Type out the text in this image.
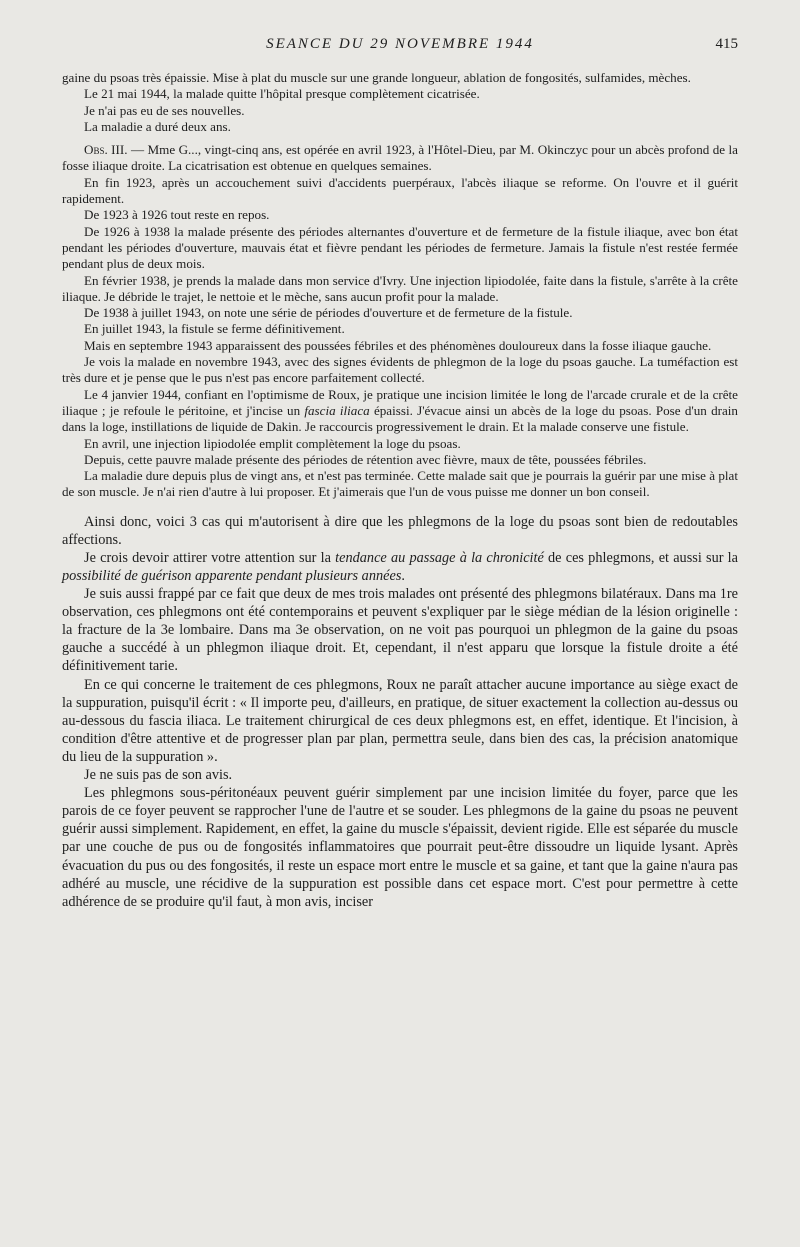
SEANCE DU 29 NOVEMBRE 1944	415

gaine du psoas très épaissie. Mise à plat du muscle sur une grande longueur, ablation de fongosités, sulfamides, mèches.

Le 21 mai 1944, la malade quitte l'hôpital presque complètement cicatrisée.

Je n'ai pas eu de ses nouvelles.

La maladie a duré deux ans.

Obs. III. — Mme G..., vingt-cinq ans, est opérée en avril 1923, à l'Hôtel-Dieu, par M. Okinczyc pour un abcès profond de la fosse iliaque droite. La cicatrisation est obtenue en quelques semaines.

En fin 1923, après un accouchement suivi d'accidents puerpéraux, l'abcès iliaque se reforme. On l'ouvre et il guérit rapidement.

De 1923 à 1926 tout reste en repos.

De 1926 à 1938 la malade présente des périodes alternantes d'ouverture et de fermeture de la fistule iliaque, avec bon état pendant les périodes d'ouverture, mauvais état et fièvre pendant les périodes de fermeture. Jamais la fistule n'est restée fermée pendant plus de deux mois.

En février 1938, je prends la malade dans mon service d'Ivry. Une injection lipiodolée, faite dans la fistule, s'arrête à la crête iliaque. Je débride le trajet, le nettoie et le mèche, sans aucun profit pour la malade.

De 1938 à juillet 1943, on note une série de périodes d'ouverture et de fermeture de la fistule.

En juillet 1943, la fistule se ferme définitivement.

Mais en septembre 1943 apparaissent des poussées fébriles et des phénomènes douloureux dans la fosse iliaque gauche.

Je vois la malade en novembre 1943, avec des signes évidents de phlegmon de la loge du psoas gauche. La tuméfaction est très dure et je pense que le pus n'est pas encore parfaitement collecté.

Le 4 janvier 1944, confiant en l'optimisme de Roux, je pratique une incision limitée le long de l'arcade crurale et de la crête iliaque ; je refoule le péritoine, et j'incise un fascia iliaca épaissi. J'évacue ainsi un abcès de la loge du psoas. Pose d'un drain dans la loge, instillations de liquide de Dakin. Je raccourcis progressivement le drain. Et la malade conserve une fistule.

En avril, une injection lipiodolée emplit complètement la loge du psoas.

Depuis, cette pauvre malade présente des périodes de rétention avec fièvre, maux de tête, poussées fébriles.

La maladie dure depuis plus de vingt ans, et n'est pas terminée. Cette malade sait que je pourrais la guérir par une mise à plat de son muscle. Je n'ai rien d'autre à lui proposer. Et j'aimerais que l'un de vous puisse me donner un bon conseil.

Ainsi donc, voici 3 cas qui m'autorisent à dire que les phlegmons de la loge du psoas sont bien de redoutables affections.

Je crois devoir attirer votre attention sur la tendance au passage à la chronicité de ces phlegmons, et aussi sur la possibilité de guérison apparente pendant plusieurs années.

Je suis aussi frappé par ce fait que deux de mes trois malades ont présenté des phlegmons bilatéraux. Dans ma 1re observation, ces phlegmons ont été contemporains et peuvent s'expliquer par le siège médian de la lésion originelle : la fracture de la 3e lombaire. Dans ma 3e observation, on ne voit pas pourquoi un phlegmon de la gaine du psoas gauche a succédé à un phlegmon iliaque droit. Et, cependant, il n'est apparu que lorsque la fistule droite a été définitivement tarie.

En ce qui concerne le traitement de ces phlegmons, Roux ne paraît attacher aucune importance au siège exact de la suppuration, puisqu'il écrit : « Il importe peu, d'ailleurs, en pratique, de situer exactement la collection au-dessus ou au-dessous du fascia iliaca. Le traitement chirurgical de ces deux phlegmons est, en effet, identique. Et l'incision, à condition d'être attentive et de progresser plan par plan, permettra seule, dans bien des cas, la précision anatomique du lieu de la suppuration ».

Je ne suis pas de son avis.

Les phlegmons sous-péritonéaux peuvent guérir simplement par une incision limitée du foyer, parce que les parois de ce foyer peuvent se rapprocher l'une de l'autre et se souder. Les phlegmons de la gaine du psoas ne peuvent guérir aussi simplement. Rapidement, en effet, la gaine du muscle s'épaissit, devient rigide. Elle est séparée du muscle par une couche de pus ou de fongosités inflammatoires que pourrait peut-être dissoudre un liquide lysant. Après évacuation du pus ou des fongosités, il reste un espace mort entre le muscle et sa gaine, et tant que la gaine n'aura pas adhéré au muscle, une récidive de la suppuration est possible dans cet espace mort. C'est pour permettre à cette adhérence de se produire qu'il faut, à mon avis, inciser
